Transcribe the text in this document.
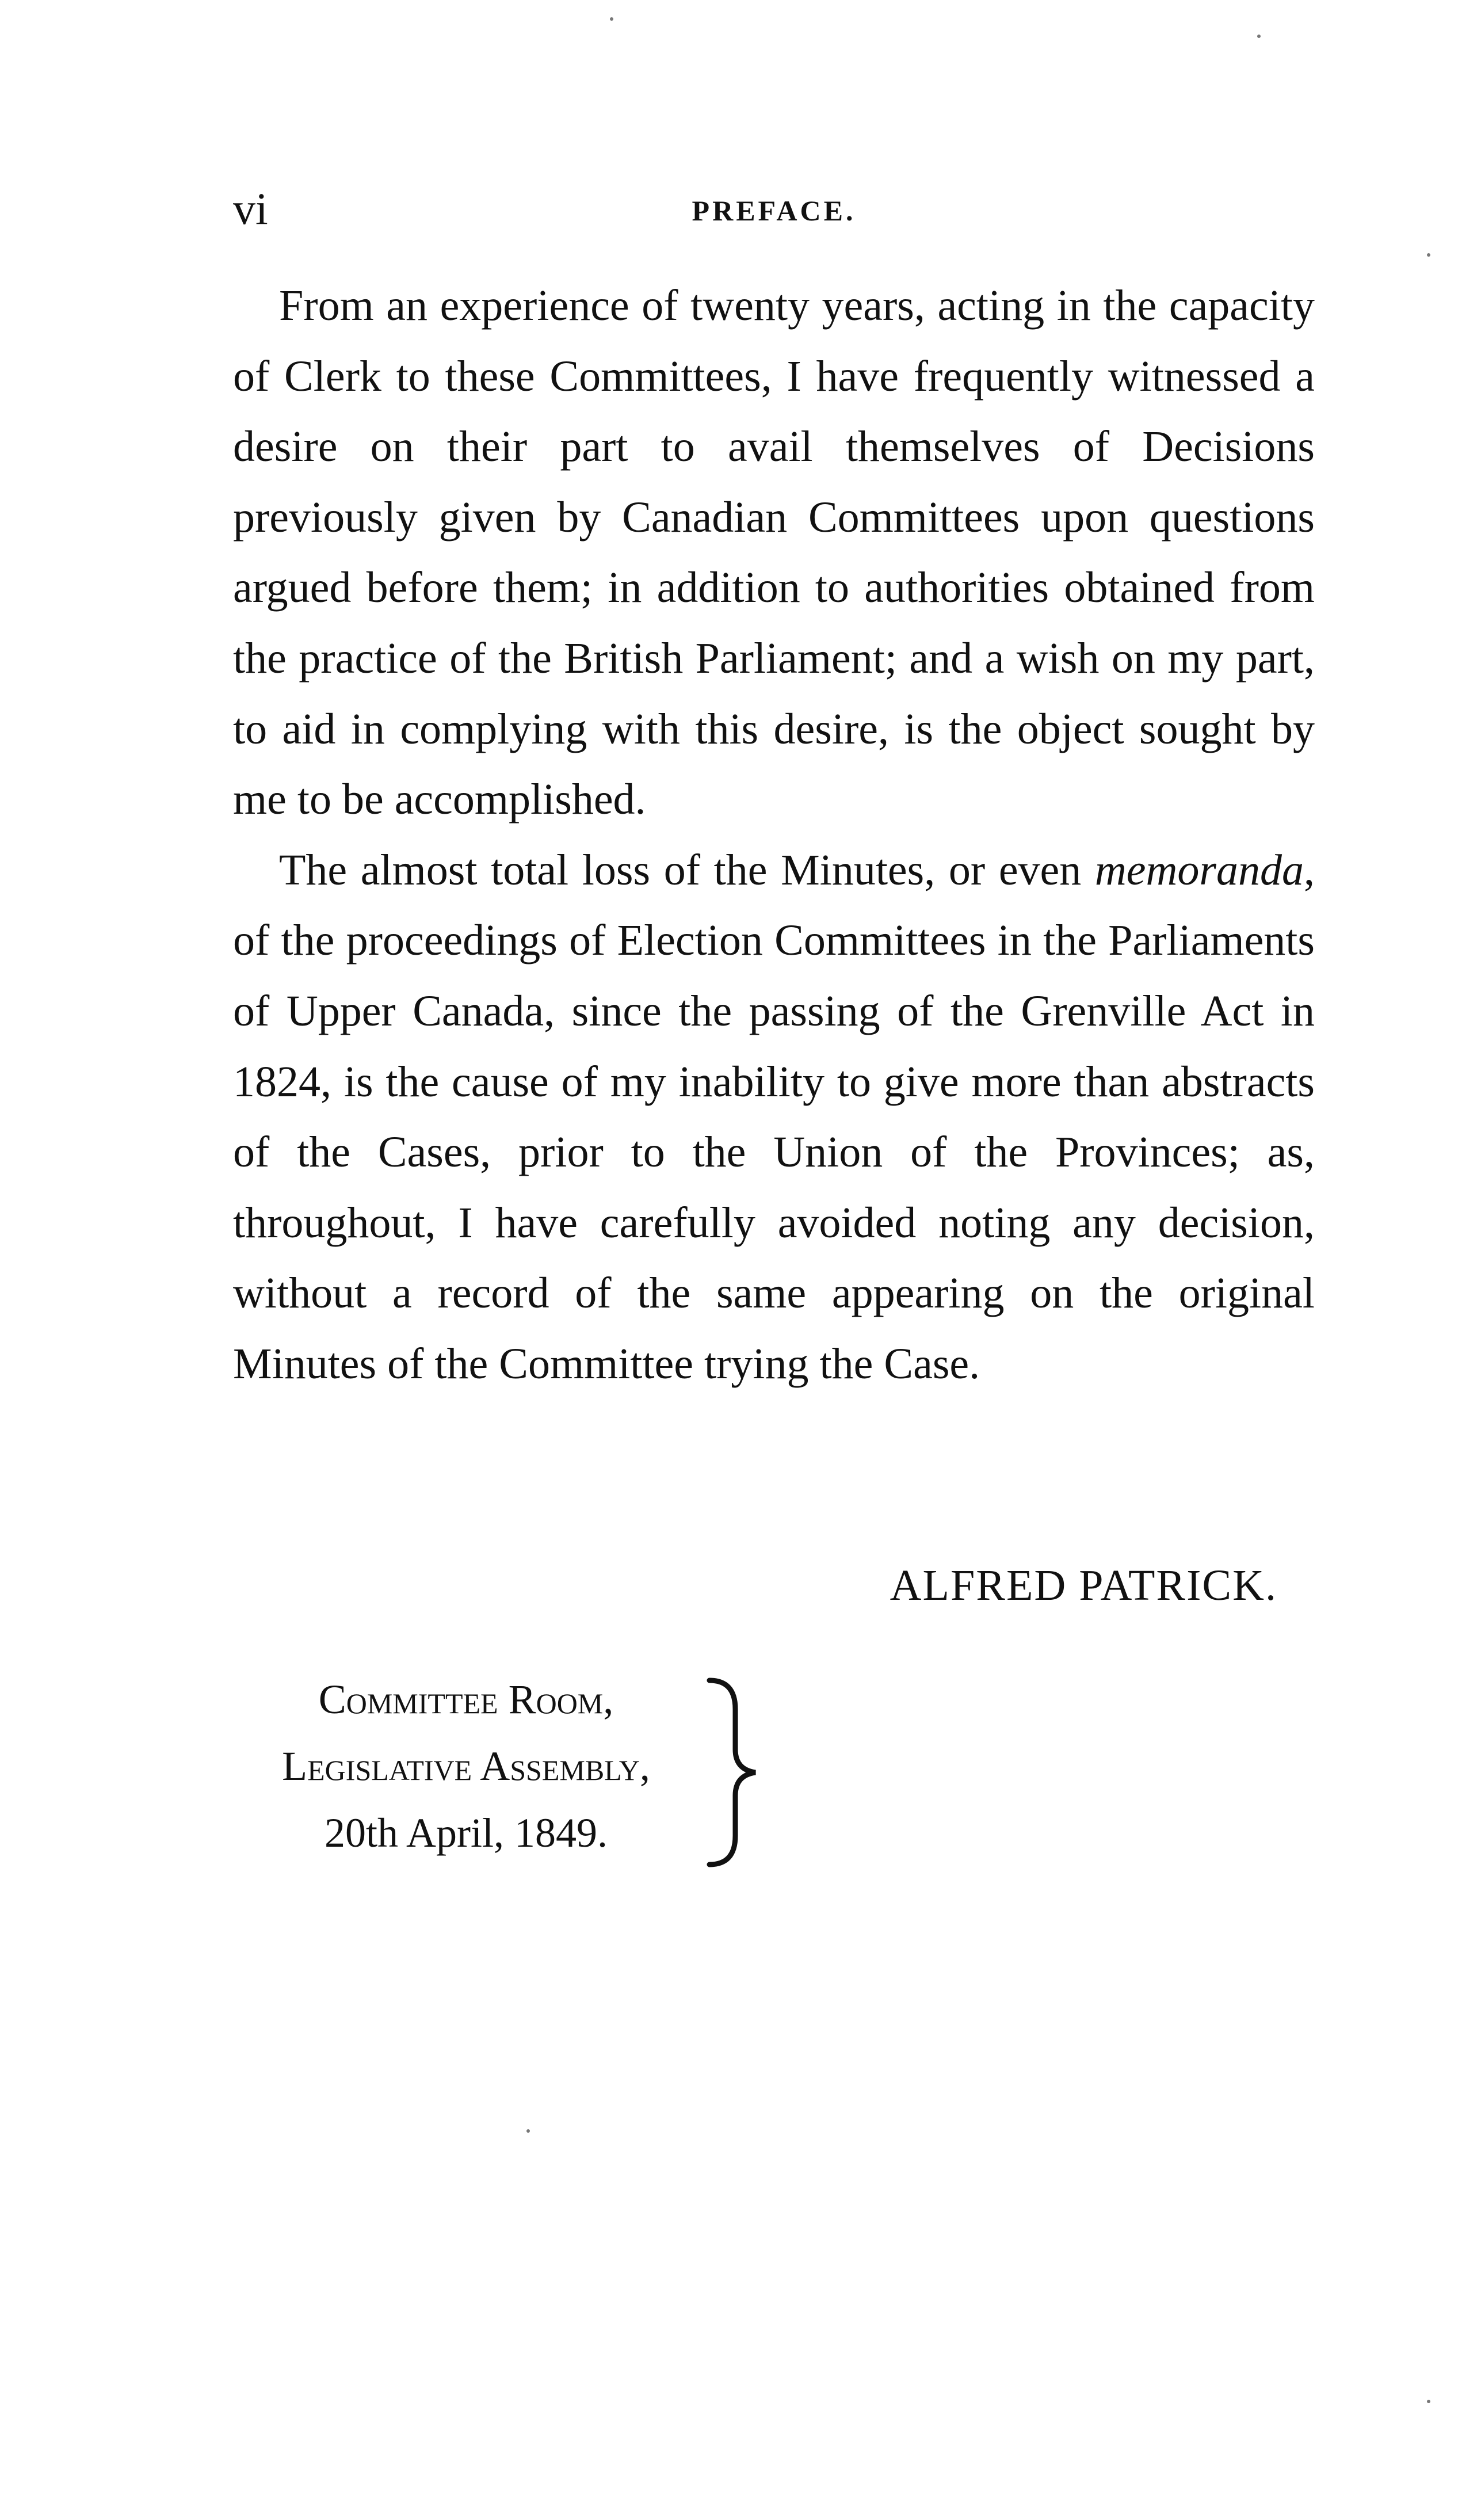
vi	PREFACE.

From an experience of twenty years, acting in the capacity of Clerk to these Committees, I have frequently witnessed a desire on their part to avail themselves of Decisions previously given by Canadian Committees upon questions argued before them; in addition to authorities obtained from the practice of the British Parliament; and a wish on my part, to aid in complying with this desire, is the object sought by me to be accomplished.

The almost total loss of the Minutes, or even memoranda, of the proceedings of Election Committees in the Parliaments of Upper Canada, since the passing of the Grenville Act in 1824, is the cause of my inability to give more than abstracts of the Cases, prior to the Union of the Provinces; as, throughout, I have carefully avoided noting any decision, without a record of the same appearing on the original Minutes of the Committee trying the Case.

ALFRED PATRICK.
Committee Room,
Legislative Assembly,
20th April, 1849.
